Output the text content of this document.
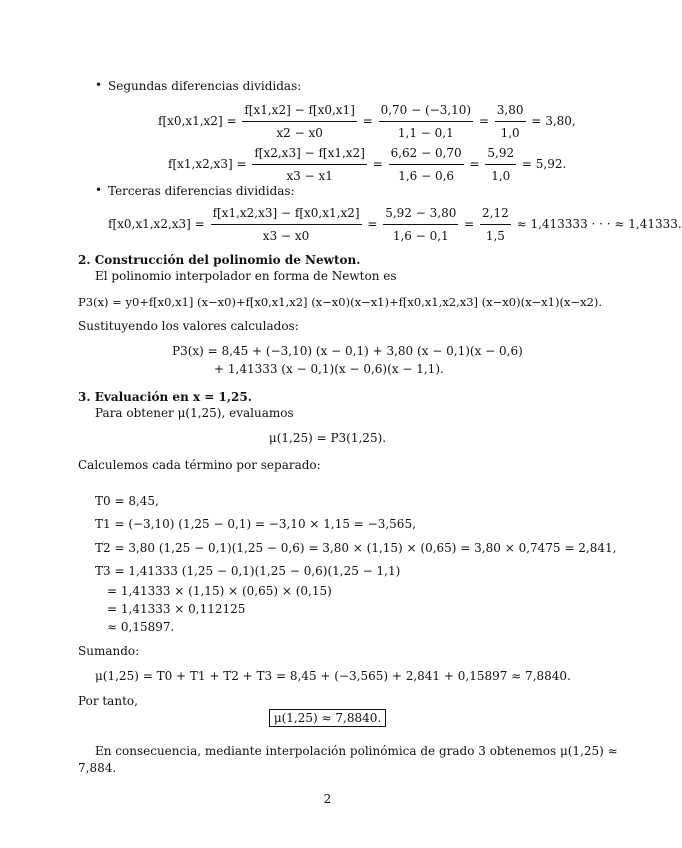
• Segundas diferencias divididas:
$f[x0,x1,x2] = \frac{f[x1,x2] - f[x0,x1]}{x2 - x0} = \frac{0,70 - (-3,10)}{1,1 - 0,1} = \frac{3,80}{1,0} = 3,80$,
$f[x1,x2,x3] = \frac{f[x2,x3] - f[x1,x2]}{x3 - x1} = \frac{6,62 - 0,70}{1,6 - 0,6} = \frac{5,92}{1,0} = 5,92$.
• Terceras diferencias divididas:
$f[x0,x1,x2,x3] = \frac{f[x1,x2,x3] - f[x0,x1,x2]}{x3 - x0} = \frac{5,92 - 3,80}{1,6 - 0,1} = \frac{2,12}{1,5} \approx 1,413333$ · · · ≈ 1,41333.
2. Construcción del polinomio de Newton.
El polinomio interpolador en forma de Newton es
P3(x) = y0+f[x0,x1] (x−x0)+f[x0,x1,x2] (x−x0)(x−x1)+f[x0,x1,x2,x3] (x−x0)(x−x1)(x−x2).
Sustituyendo los valores calculados:
P3(x) = 8,45 + (−3,10) (x − 0,1) + 3,80 (x − 0,1)(x − 0,6)
+ 1,41333 (x − 0,1)(x − 0,6)(x − 1,1).
3. Evaluación en x = 1,25.
Para obtener μ(1,25), evaluamos
μ(1,25) = P3(1,25).
Calculemos cada término por separado:
T0 = 8,45,
T1 = (−3,10) (1,25 − 0,1) = −3,10 × 1,15 = −3,565,
T2 = 3,80 (1,25 − 0,1)(1,25 − 0,6) = 3,80 × (1,15) × (0,65) = 3,80 × 0,7475 = 2,841,
T3 = 1,41333 (1,25 − 0,1)(1,25 − 0,6)(1,25 − 1,1)
= 1,41333 × (1,15) × (0,65) × (0,15)
= 1,41333 × 0,112125
≈ 0,15897.
Sumando:
μ(1,25) = T0 + T1 + T2 + T3 = 8,45 + (−3,565) + 2,841 + 0,15897 ≈ 7,8840.
Por tanto,
μ(1,25) ≈ 7,8840.
En consecuencia, mediante interpolación polinómica de grado 3 obtenemos μ(1,25) ≈
7,884.
2
